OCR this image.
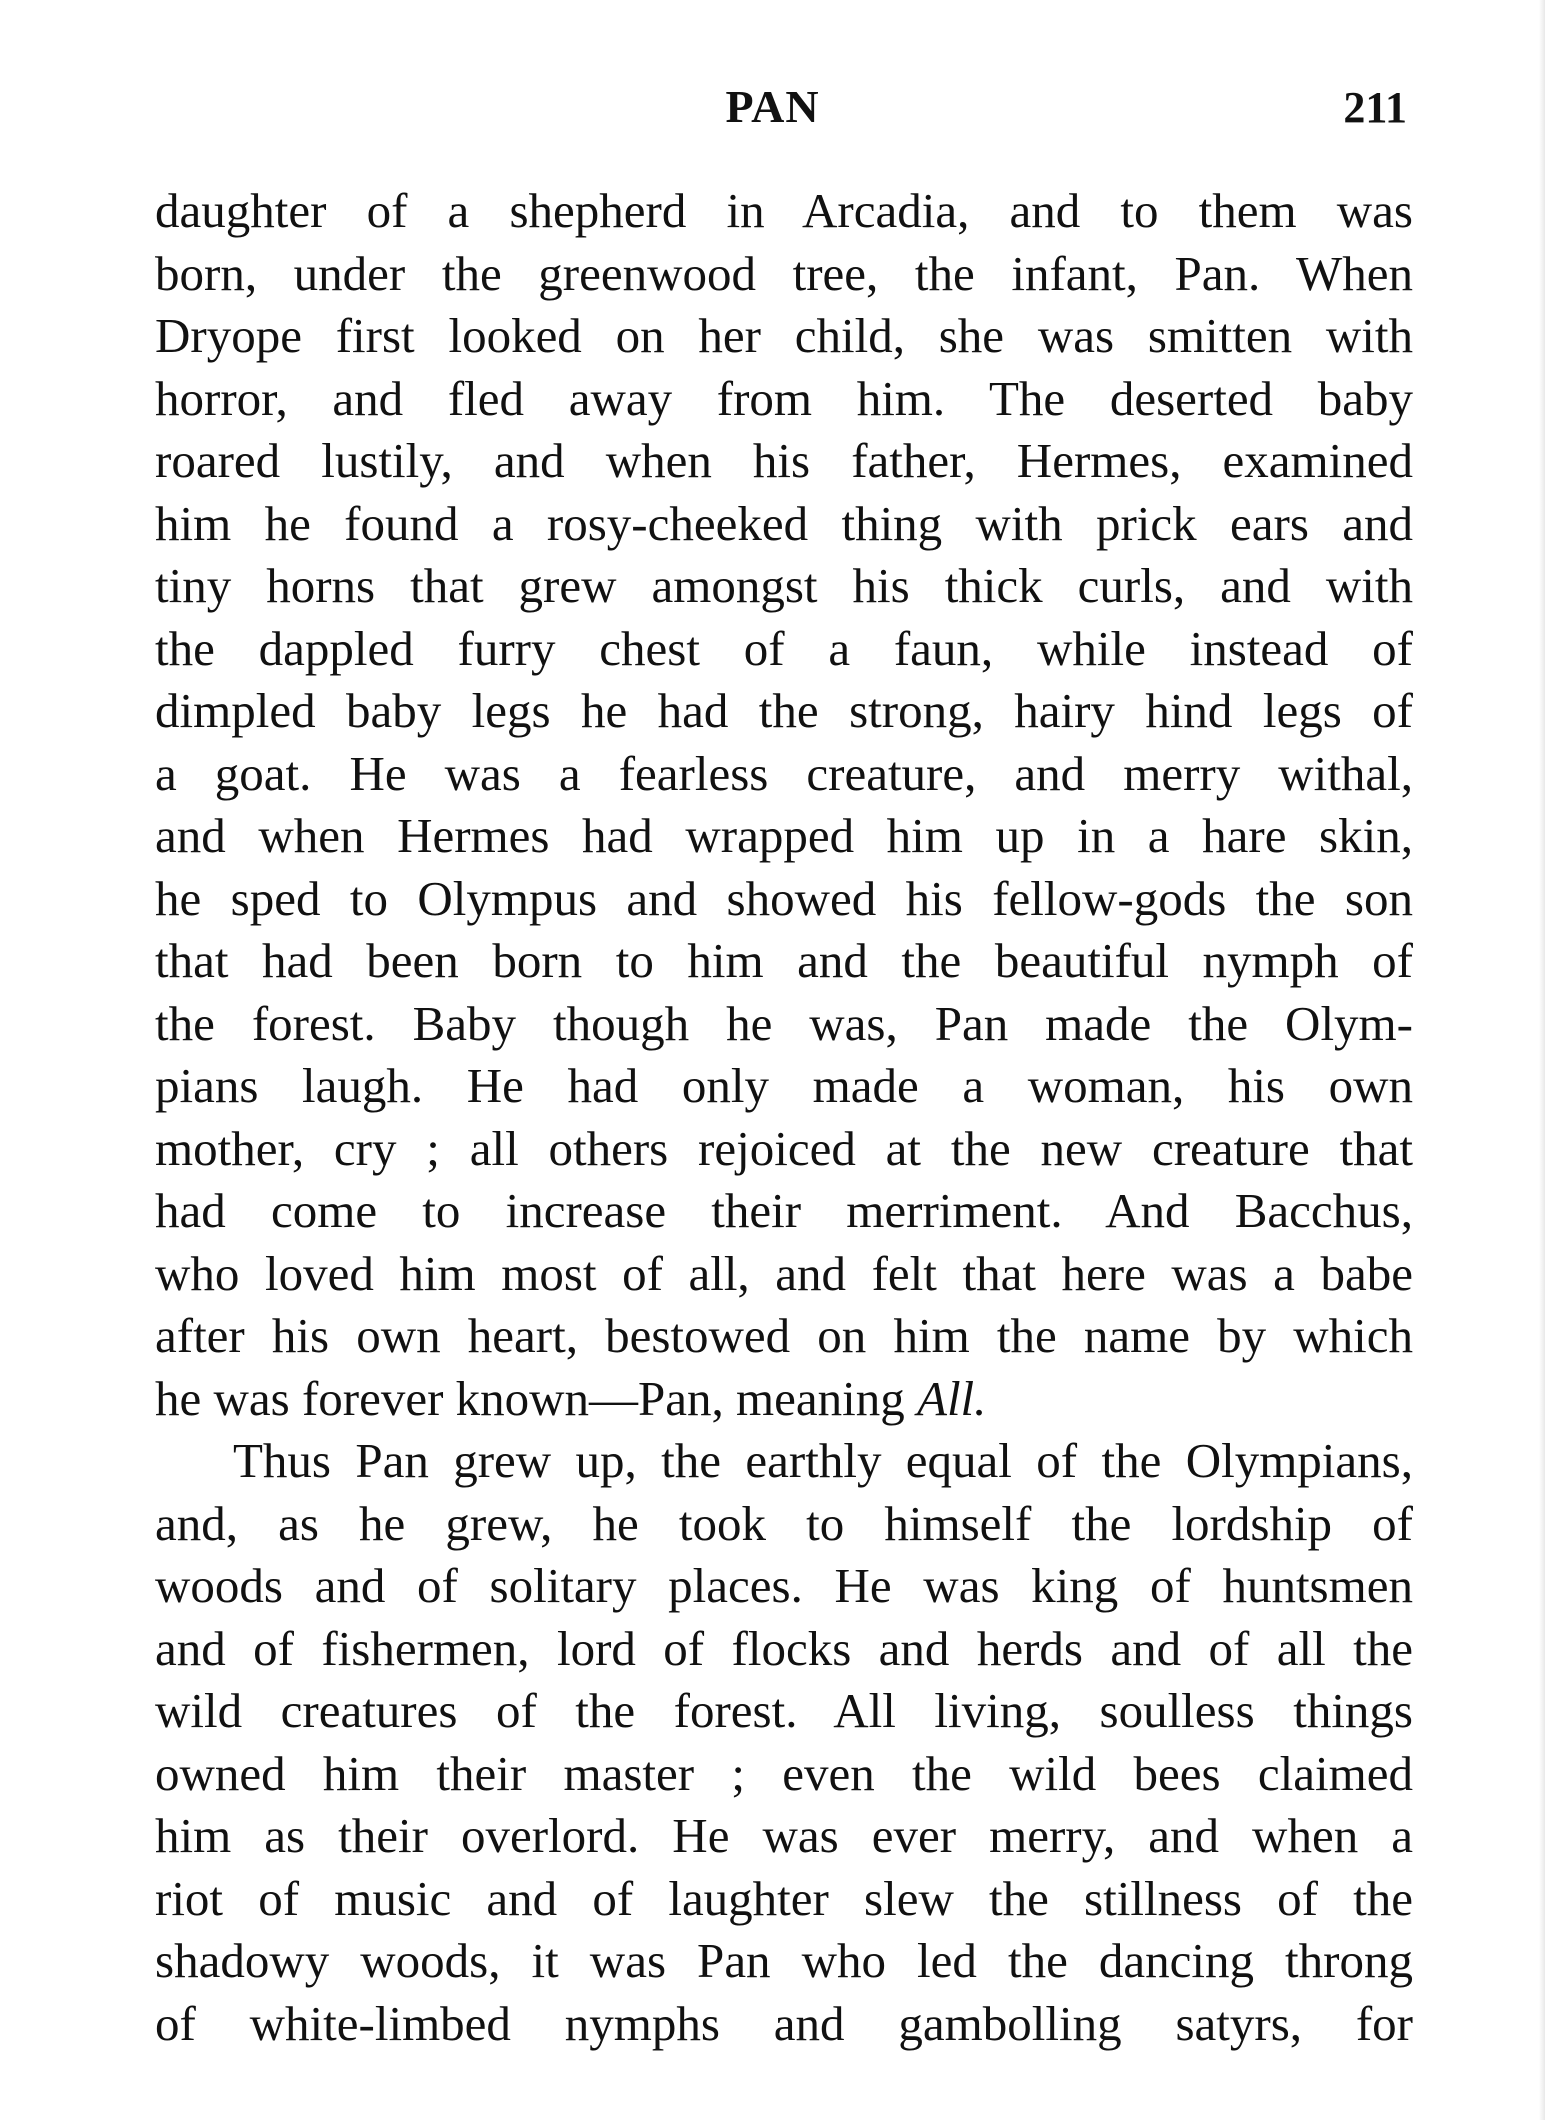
PAN	211
daughter of a shepherd in Arcadia, and to them was
born, under the greenwood tree, the infant, Pan. When
Dryope first looked on her child, she was smitten with
horror, and fled away from him. The deserted baby
roared lustily, and when his father, Hermes, examined
him he found a rosy-cheeked thing with prick ears and
tiny horns that grew amongst his thick curls, and with
the dappled furry chest of a faun, while instead of
dimpled baby legs he had the strong, hairy hind legs of
a goat. He was a fearless creature, and merry withal,
and when Hermes had wrapped him up in a hare skin,
he sped to Olympus and showed his fellow-gods the son
that had been born to him and the beautiful nymph of
the forest. Baby though he was, Pan made the Olym-
pians laugh. He had only made a woman, his own
mother, cry ; all others rejoiced at the new creature that
had come to increase their merriment. And Bacchus,
who loved him most of all, and felt that here was a babe
after his own heart, bestowed on him the name by which
he was forever known—Pan, meaning All.
Thus Pan grew up, the earthly equal of the Olympians,
and, as he grew, he took to himself the lordship of
woods and of solitary places. He was king of huntsmen
and of fishermen, lord of flocks and herds and of all the
wild creatures of the forest. All living, soulless things
owned him their master ; even the wild bees claimed
him as their overlord. He was ever merry, and when a
riot of music and of laughter slew the stillness of the
shadowy woods, it was Pan who led the dancing throng
of white-limbed nymphs and gambolling satyrs, for
